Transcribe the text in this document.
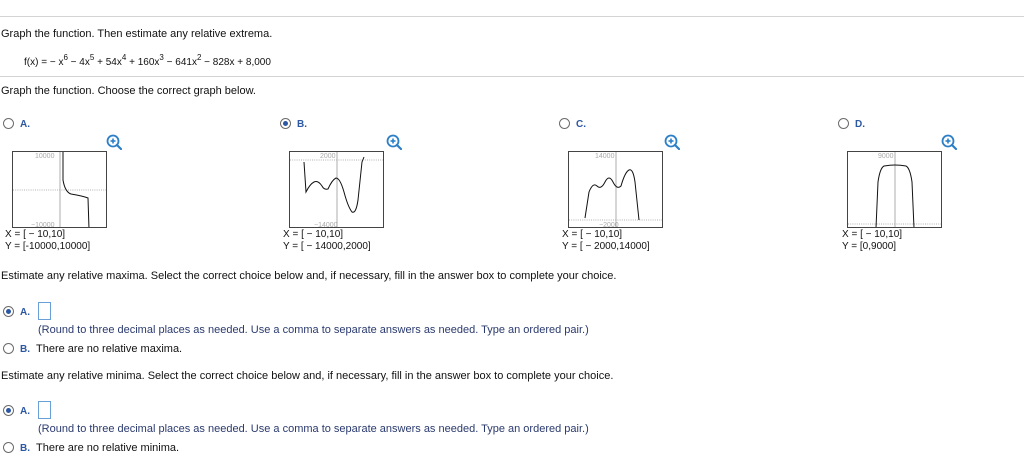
Graph the function. Then estimate any relative extrema.
f(x) = − $x^6 - 4x^5 + 54x^4 + 160x^3 - 641x^2 - 828x + 8,000$
Graph the function. Choose the correct graph below.
A.
10000
−10000
X = [ − 10,10]
Y = [-10000,10000]
B.
2000
−14000
X = [ − 10,10]
Y = [ − 14000,2000]
C.
14000
−2000
X = [ − 10,10]
Y = [ − 2000,14000]
D.
9000
X = [ − 10,10]
Y = [0,9000]
Estimate any relative maxima. Select the correct choice below and, if necessary, fill in the answer box to complete your choice.
A.
(Round to three decimal places as needed. Use a comma to separate answers as needed. Type an ordered pair.)
B. There are no relative maxima.
Estimate any relative minima. Select the correct choice below and, if necessary, fill in the answer box to complete your choice.
A.
(Round to three decimal places as needed. Use a comma to separate answers as needed. Type an ordered pair.)
B. There are no relative minima.
